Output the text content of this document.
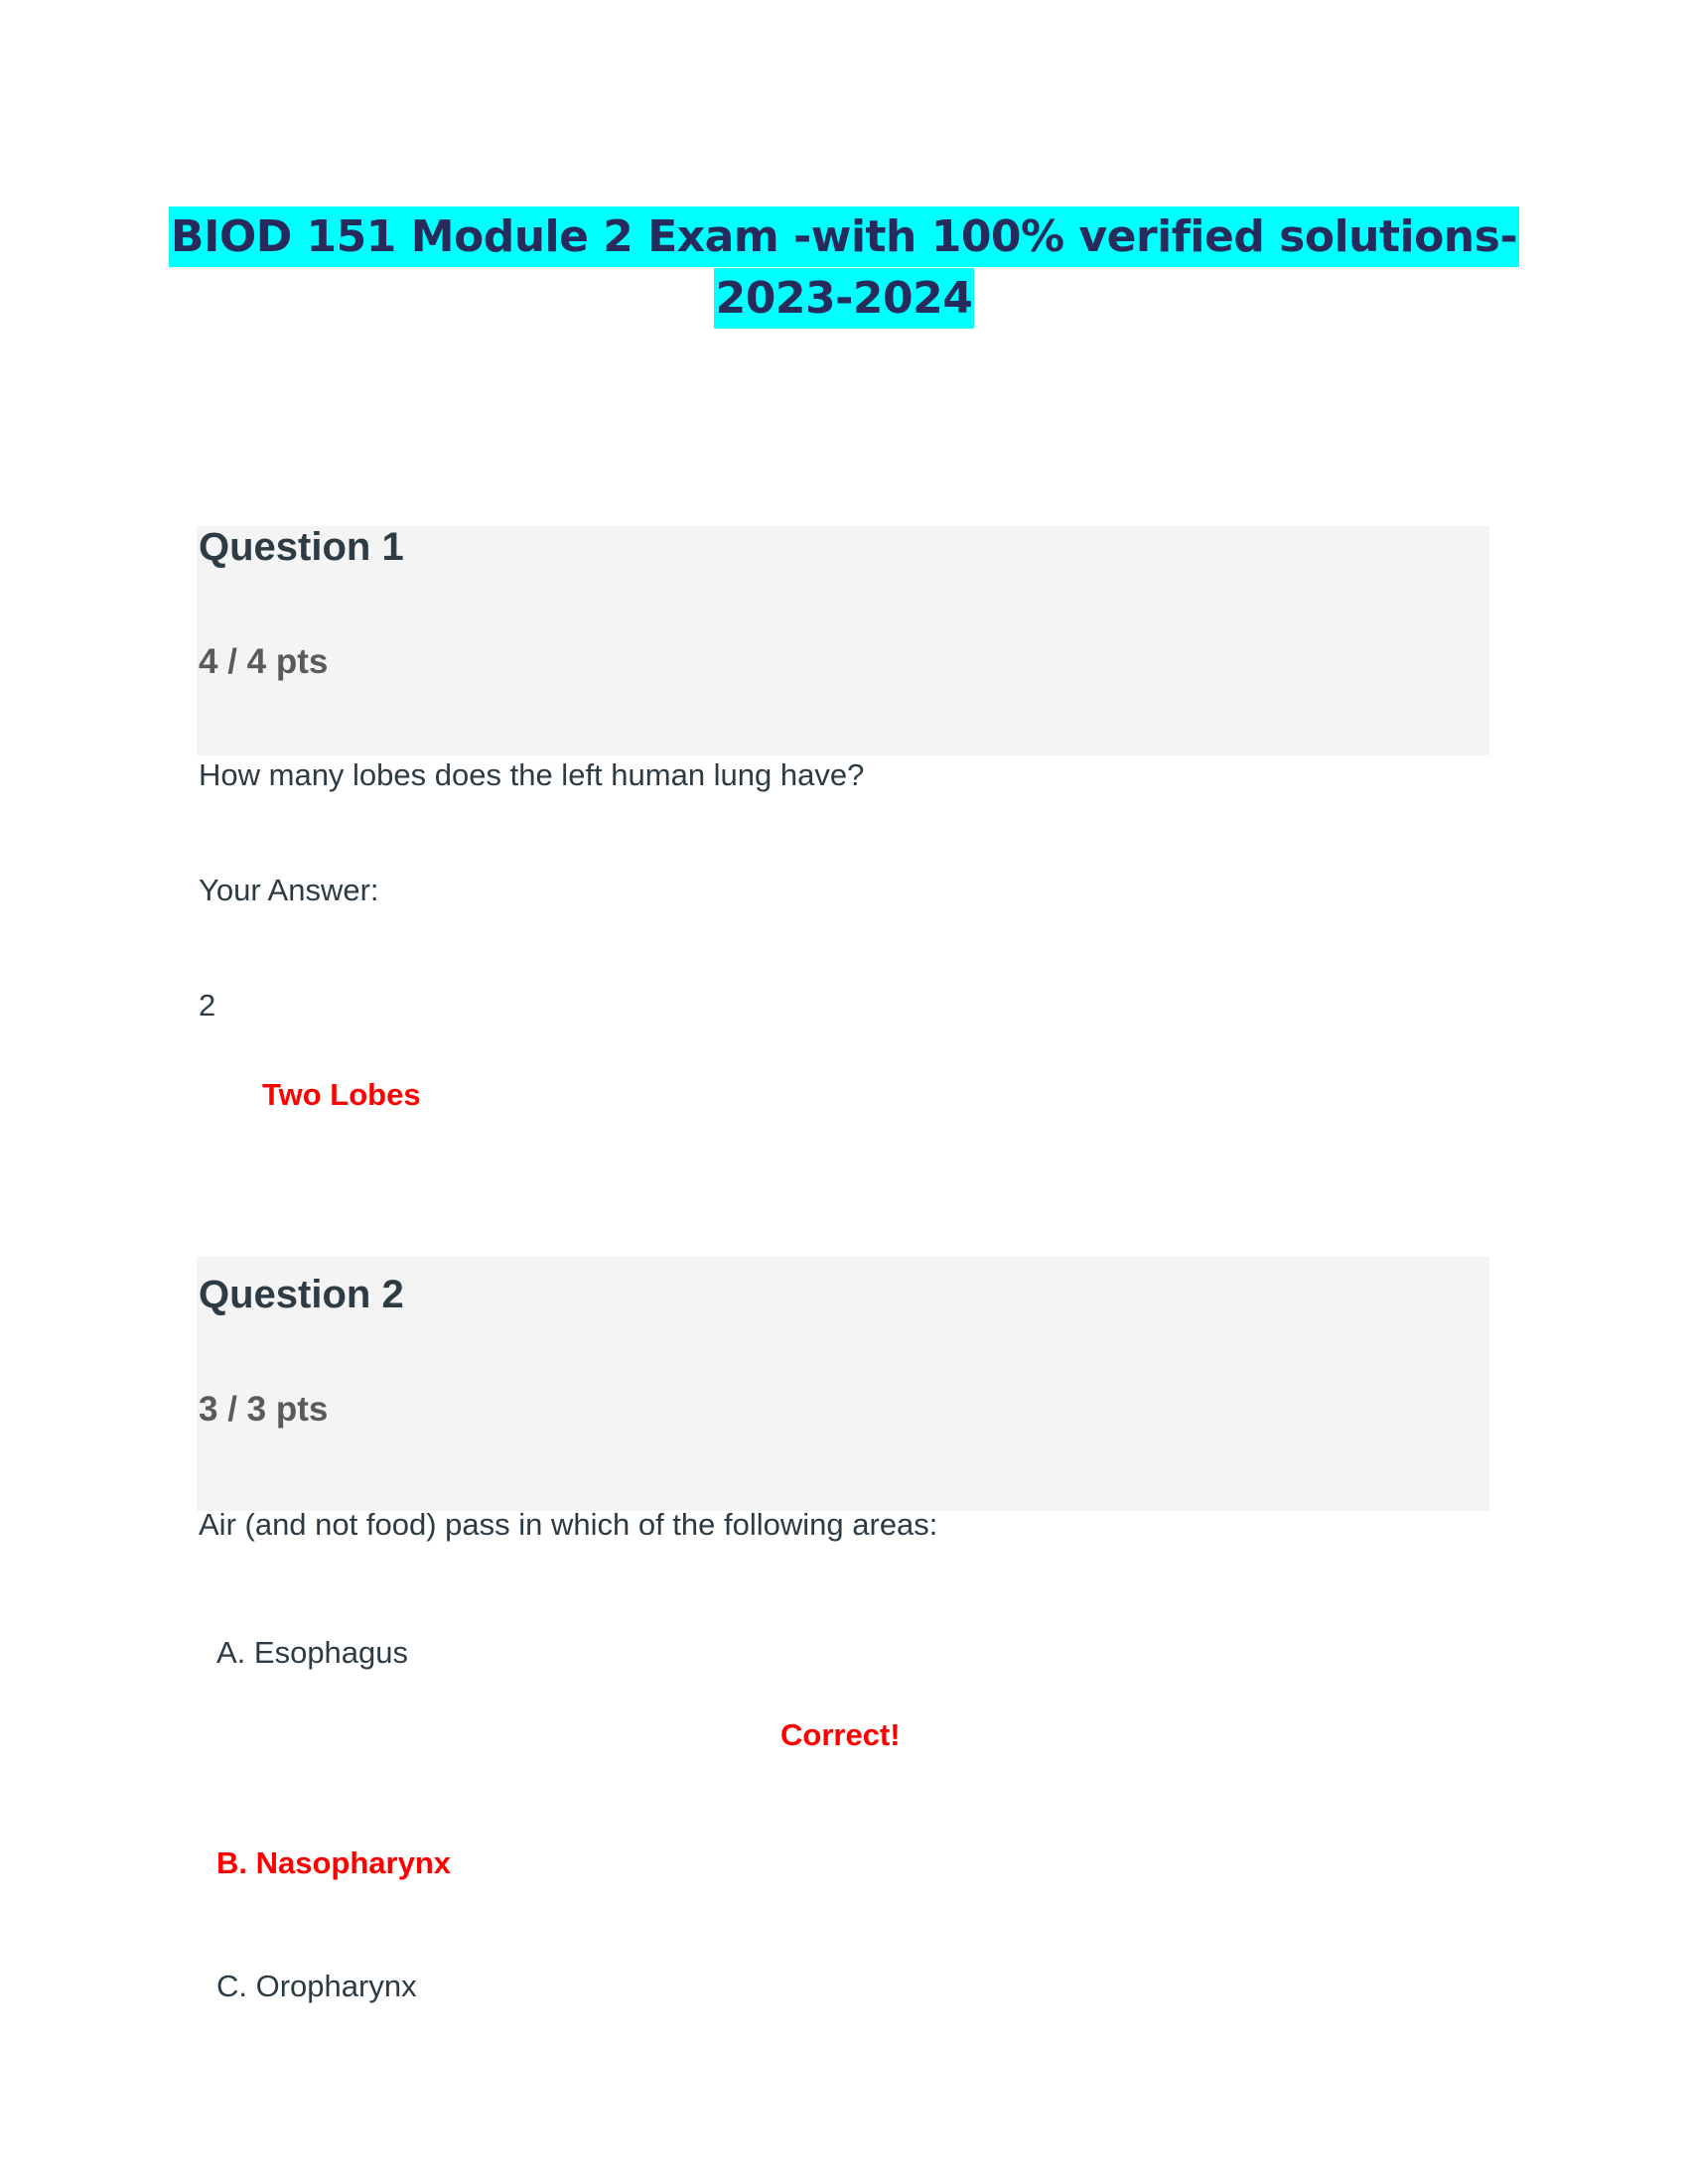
BIOD 151 Module 2 Exam -with 100% verified solutions-
2023-2024
Question 1
4 / 4 pts
How many lobes does the left human lung have?
Your Answer:
2
Two Lobes
Question 2
3 / 3 pts
Air (and not food) pass in which of the following areas:
A. Esophagus
Correct!
B. Nasopharynx
C. Oropharynx
